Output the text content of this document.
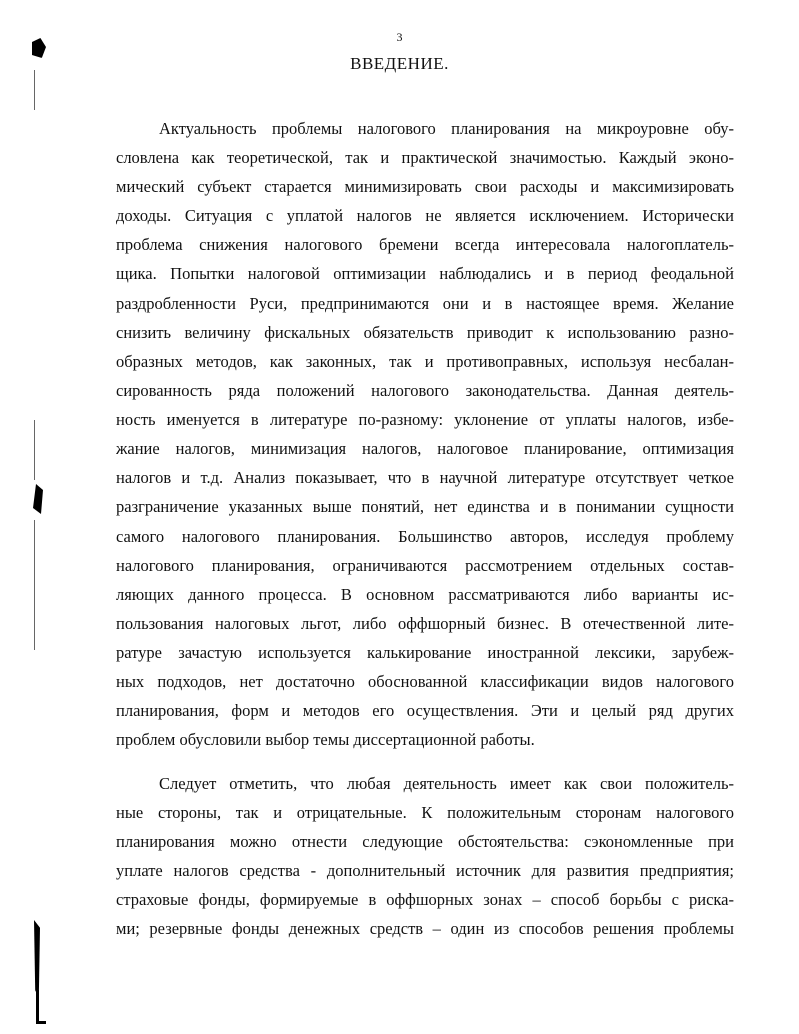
3
ВВЕДЕНИЕ.
Актуальность проблемы налогового планирования на микроуровне обу-
словлена как теоретической, так и практической значимостью. Каждый эконо-
мический субъект старается минимизировать свои расходы и максимизировать
доходы. Ситуация с уплатой налогов не является исключением. Исторически
проблема снижения налогового бремени всегда интересовала налогоплатель-
щика. Попытки налоговой оптимизации наблюдались и в период феодальной
раздробленности Руси, предпринимаются они и в настоящее время. Желание
снизить величину фискальных обязательств приводит к использованию разно-
образных методов, как законных, так и противоправных, используя несбалан-
сированность ряда положений налогового законодательства. Данная деятель-
ность именуется в литературе по-разному: уклонение от уплаты налогов, избе-
жание налогов, минимизация налогов, налоговое планирование, оптимизация
налогов и т.д. Анализ показывает, что в научной литературе отсутствует четкое
разграничение указанных выше понятий, нет единства и в понимании сущности
самого налогового планирования. Большинство авторов, исследуя проблему
налогового планирования, ограничиваются рассмотрением отдельных состав-
ляющих данного процесса. В основном рассматриваются либо варианты ис-
пользования налоговых льгот, либо оффшорный бизнес. В отечественной лите-
ратуре зачастую используется калькирование иностранной лексики, зарубеж-
ных подходов, нет достаточно обоснованной классификации видов налогового
планирования, форм и методов его осуществления. Эти и целый ряд других
проблем обусловили выбор темы диссертационной работы.
Следует отметить, что любая деятельность имеет как свои положитель-
ные стороны, так и отрицательные. К положительным сторонам налогового
планирования можно отнести следующие обстоятельства: сэкономленные при
уплате налогов средства - дополнительный источник для развития предприятия;
страховые фонды, формируемые в оффшорных зонах – способ борьбы с риска-
ми; резервные фонды денежных средств – один из способов решения проблемы
